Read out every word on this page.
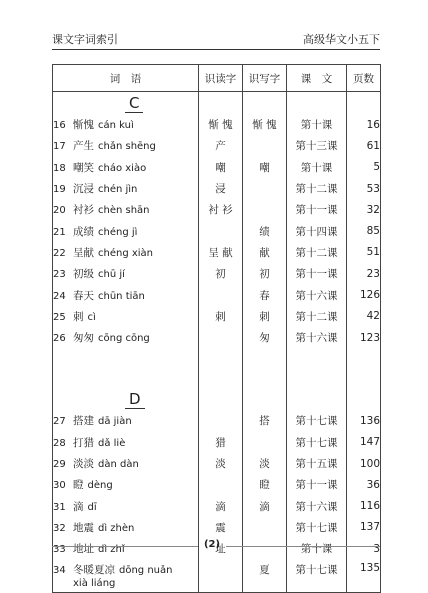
课文字词索引	高级华文小五下
词　语	识读字	识写字	课　文	页数
C				
16 惭愧 cán kuì	惭 愧	惭 愧	第十课	16
17 产生 chǎn shēng	产		第十三课	61
18 嘲笑 cháo xiào	嘲	嘲	第十课	5
19 沉浸 chén jìn	浸		第十二课	53
20 衬衫 chèn shān	衬 衫		第十一课	32
21 成绩 chéng jì		绩	第十四课	85
22 呈献 chéng xiàn	呈 献	献	第十二课	51
23 初级 chū jí	初	初	第十一课	23
24 春天 chūn tiān		春	第十六课	126
25 刺 cì	刺	刺	第十二课	42
26 匆匆 cōng cōng		匆	第十六课	123

D				
27 搭建 dā jiàn		搭	第十七课	136
28 打猎 dǎ liè	猎		第十七课	147
29 淡淡 dàn dàn	淡	淡	第十五课	100
30 瞪 dèng		瞪	第十一课	36
31 滴 dī	滴	滴	第十六课	116
32 地震 dì zhèn	震		第十七课	137
33 地址 dì zhǐ	址		第十课	3
34 冬暖夏凉 dōng nuǎn
xià liáng		夏	第十七课	135
(2)
